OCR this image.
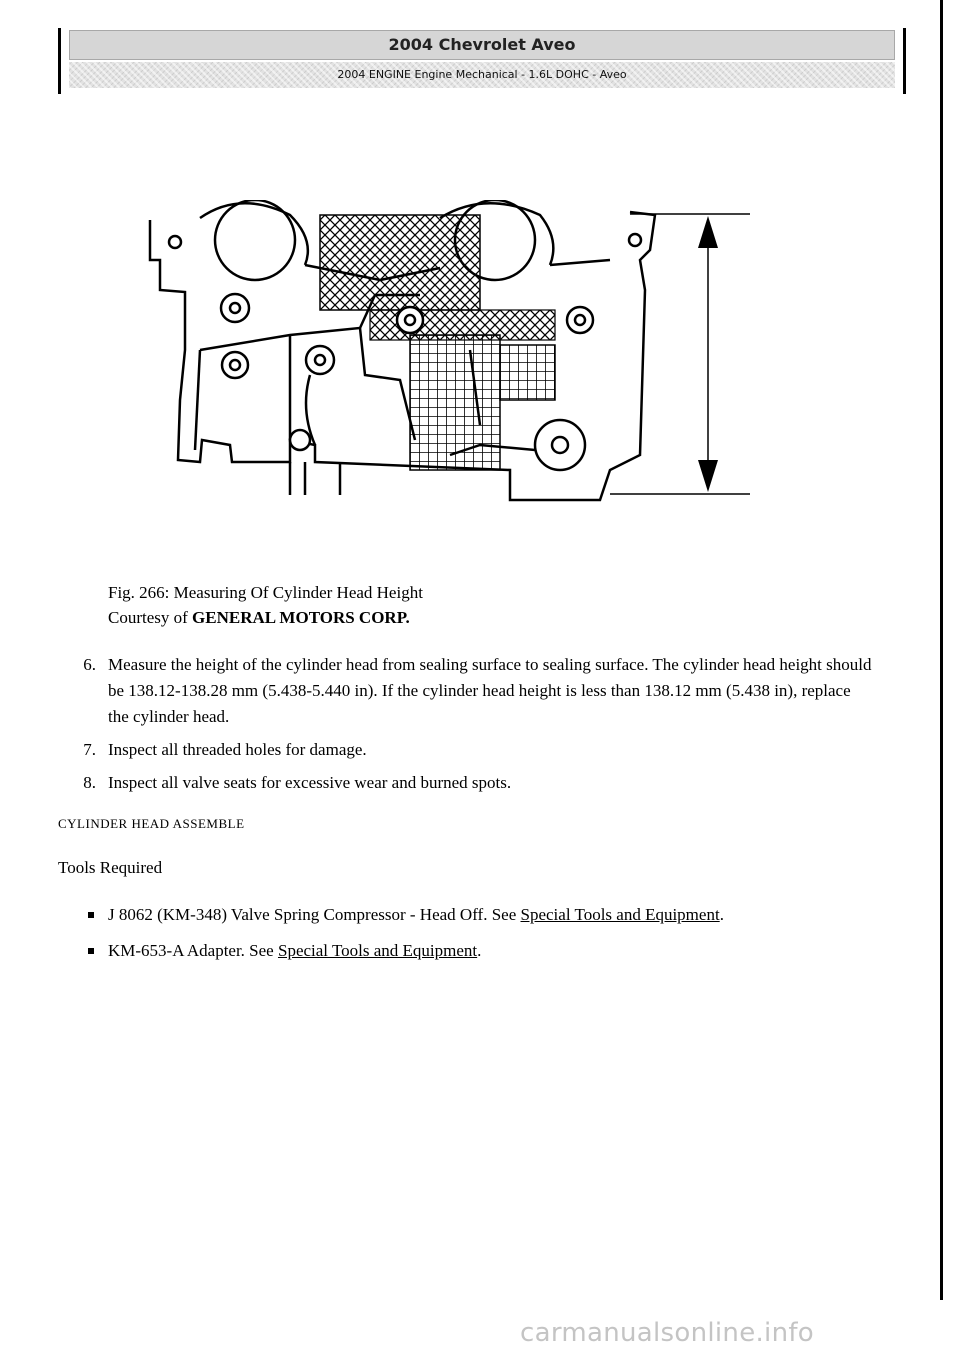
2004 Chevrolet Aveo
2004 ENGINE Engine Mechanical - 1.6L DOHC - Aveo
Fig. 266: Measuring Of Cylinder Head Height
Courtesy of GENERAL MOTORS CORP.
6. Measure the height of the cylinder head from sealing surface to sealing surface. The cylinder head height should be 138.12-138.28 mm (5.438-5.440 in). If the cylinder head height is less than 138.12 mm (5.438 in), replace the cylinder head.
7. Inspect all threaded holes for damage.
8. Inspect all valve seats for excessive wear and burned spots.
CYLINDER HEAD ASSEMBLE
Tools Required
J 8062 (KM-348) Valve Spring Compressor - Head Off. See Special Tools and Equipment.
KM-653-A Adapter. See Special Tools and Equipment.
carmanualsonline.info
